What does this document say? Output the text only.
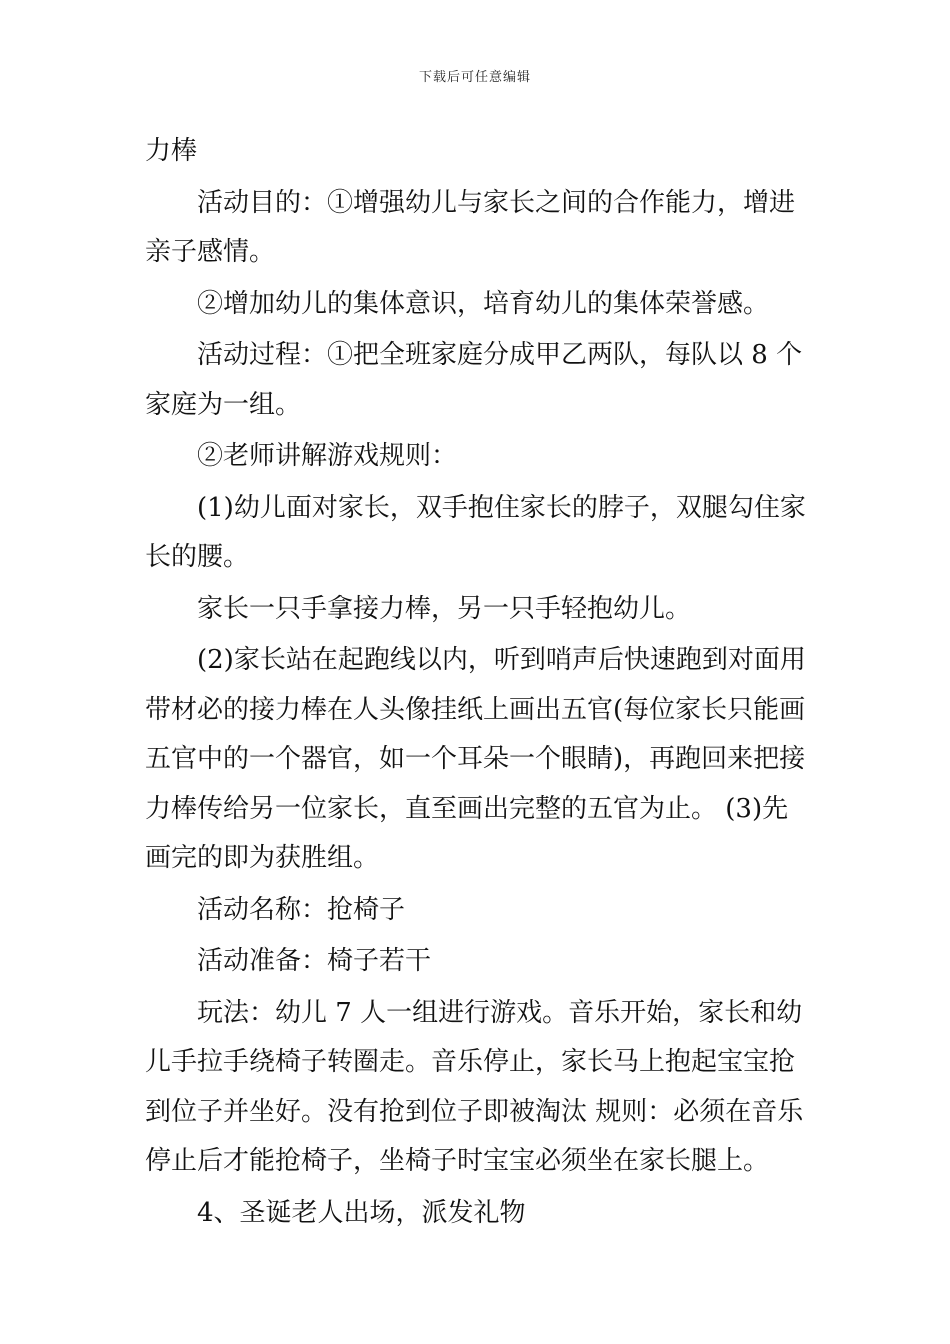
下载后可任意编辑

力棒

活动目的：①增强幼儿与家长之间的合作能力，增进亲子感情。

②增加幼儿的集体意识，培育幼儿的集体荣誉感。

活动过程：①把全班家庭分成甲乙两队，每队以 8 个家庭为一组。

②老师讲解游戏规则：

(1)幼儿面对家长，双手抱住家长的脖子，双腿勾住家长的腰。

家长一只手拿接力棒，另一只手轻抱幼儿。

(2)家长站在起跑线以内，听到哨声后快速跑到对面用带材必的接力棒在人头像挂纸上画出五官(每位家长只能画五官中的一个器官，如一个耳朵一个眼睛)，再跑回来把接力棒传给另一位家长，直至画出完整的五官为止。 (3)先画完的即为获胜组。

活动名称：抢椅子

活动准备：椅子若干

玩法：幼儿 7 人一组进行游戏。音乐开始，家长和幼儿手拉手绕椅子转圈走。音乐停止，家长马上抱起宝宝抢到位子并坐好。没有抢到位子即被淘汰 规则：必须在音乐停止后才能抢椅子，坐椅子时宝宝必须坐在家长腿上。

4、圣诞老人出场，派发礼物
